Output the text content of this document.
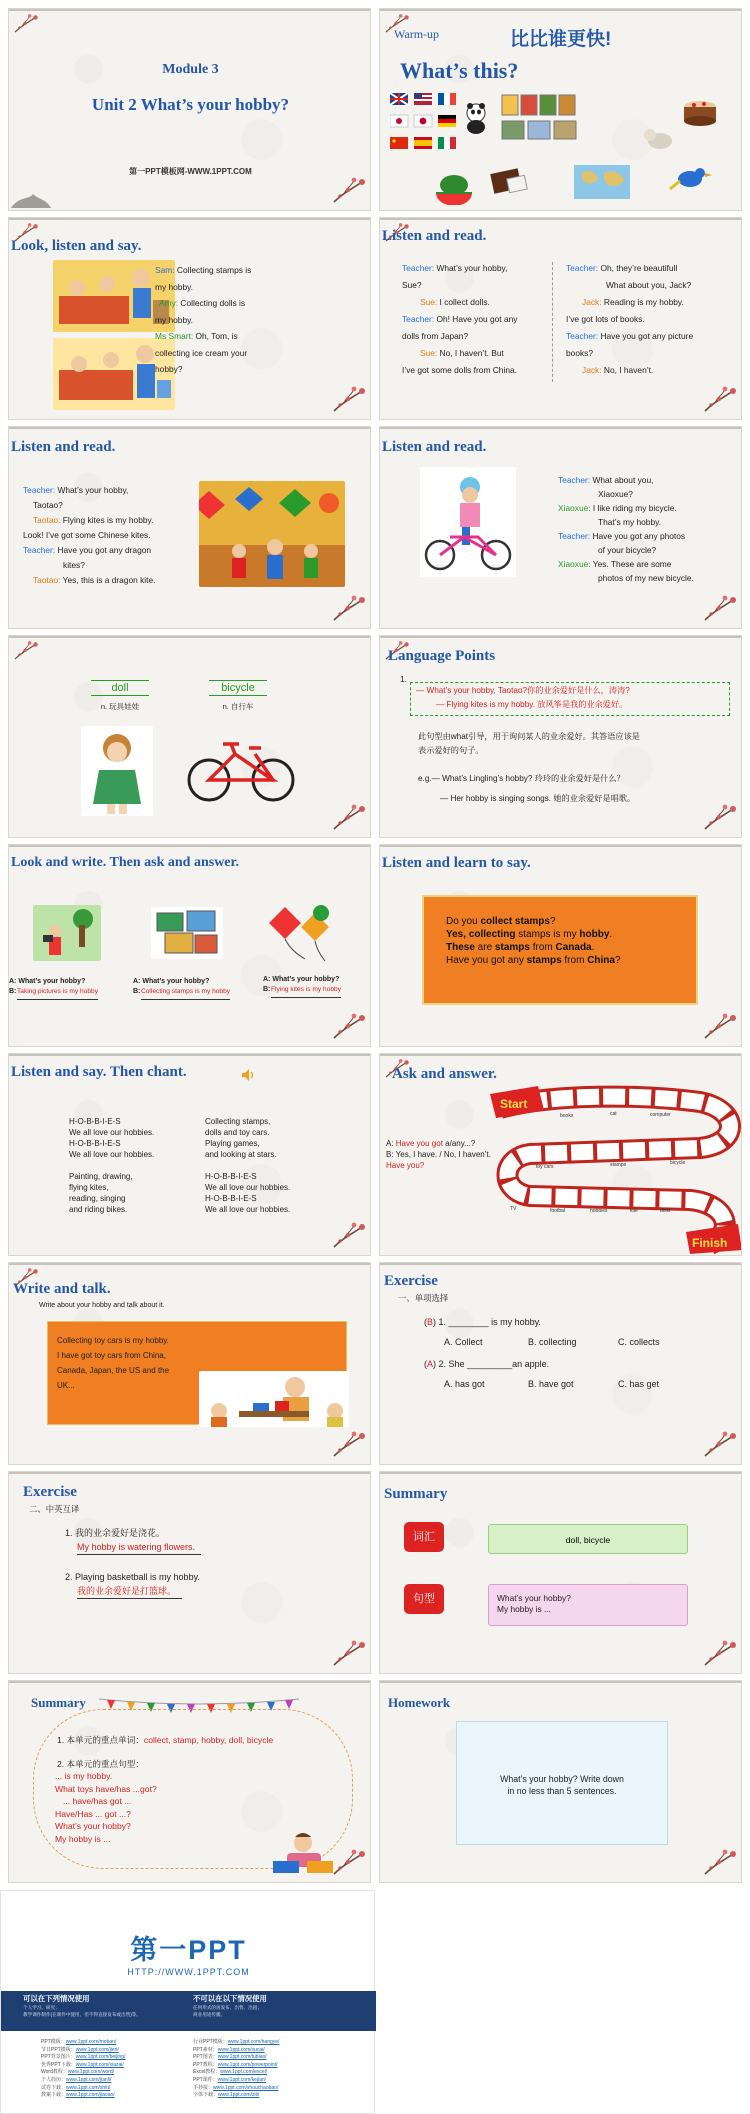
Module 3
Unit 2 What’s your hobby?
第一PPT模板网-WWW.1PPT.COM
Warm-up	比比谁更快!
What’s this?
Look, listen and say.
Sam: Collecting stamps is
my hobby.
Amy: Collecting dolls is
my hobby.
Ms Smart: Oh, Tom, is
collecting ice cream your
hobby?
Listen and read.
Teacher: What’s your hobby,
Sue?
Sue: I collect dolls.
Teacher: Oh! Have you got any
dolls from Japan?
Sue: No, I haven’t. But
I’ve got some dolls from China.
Teacher: Oh, they’re beautifull
What about you, Jack?
Jack: Reading is my hobby.
I’ve got lots of books.
Teacher: Have you got any picture
books?
Jack: No, I haven’t.
Listen and read.
Teacher: What’s your hobby,
Taotao?
Taotao: Flying kites is my hobby.
Look! I’ve got some Chinese kites.
Teacher: Have you got any dragon
kites?
Taotao: Yes, this is a dragon kite.
Listen and read.
Teacher: What about you,
Xiaoxue?
Xiaoxue: I like riding my bicycle.
That’s my hobby.
Teacher: Have you got any photos
of your bicycle?
Xiaoxue: Yes. These are some
photos of my new bicycle.
doll
n. 玩具娃娃
bicycle
n. 自行车
Language Points
1.
— What’s your hobby, Taotao?你的业余爱好是什么，涛涛?
— Flying kites is my hobby. 放风筝是我的业余爱好。
此句型由what引导，用于询问某人的业余爱好。其答语应该是
表示爱好的句子。
e.g.— What’s Lingling’s hobby? 玲玲的业余爱好是什么？
— Her hobby is singing songs. 她的业余爱好是唱歌。
Look and write. Then ask and answer.
A: What’s your hobby?
B: Taking pictures is my hobby
A: What’s your hobby?
B: Collecting stamps is my hobby
A: What’s your hobby?
B: Flying kites is my hobby
Listen and learn to say.
Do you collect stamps?
Yes, collecting stamps is my hobby.
These are stamps from Canada.
Have you got any stamps from China?
Listen and say. Then chant.
H-O-B-B-I-E-S
We all love our hobbies.
H-O-B-B-I-E-S
We all love our hobbies.
Painting, drawing,
flying kites,
reading, singing
and riding bikes.
Collecting stamps,
dolls and toy cars.
Playing games,
and looking at stars.
H-O-B-B-I-E-S
We all love our hobbies.
H-O-B-B-I-E-S
We all love our hobbies.
Ask and answer.
A: Have you got a/any...?
B: Yes, I have. / No, I haven’t.
Have you?
Start
Finish
books	cat	computer
toy cars	stamps	bicycle
TV	footbal	hobbies	kite	dolls
Write and talk.
Write about your hobby and talk about it.
Collecting toy cars is my hobby.
I have got toy cars from China,
Canada, Japan, the US and the
UK...
Exercise
一、单项选择
(B) 1. ________ is my hobby.
A. Collect	B. collecting	C. collects
(A) 2. She _________an apple.
A. has got	B. have got	C. has get
Exercise
二、中英互译
1. 我的业余爱好是浇花。
My hobby is watering flowers.
2. Playing basketball is my hobby.
我的业余爱好是打篮球。
Summary
词汇	doll, bicycle
句型	What’s your hobby?
My hobby is ...
Summary
1. 本单元的重点单词：collect, stamp, hobby, doll, bicycle
2. 本单元的重点句型：
... is my hobby.
What toys have/has ...got?
... have/has got ...
Have/Has ... got ...?
What’s your hobby?
My hobby is ...
Homework
What’s your hobby? Write down
in no less than 5 sentences.
第一PPT
HTTP://WWW.1PPT.COM
可以在下列情况使用
个人学习、研究；
教学课件制作(在课件中使用，但不得直接发布或出售)等。
不可以在以下情况使用
任何形式的再发布、出售、出租；
商业用途传播。
PPT模板：www.1ppt.com/moban/
节日PPT模板：www.1ppt.com/jieri/
PPT背景图片：www.1ppt.com/beijing/
优秀PPT下载：www.1ppt.com/xiazai/
Word教程：www.1ppt.com/word/
个人简历：www.1ppt.com/jianli/
试卷下载：www.1ppt.com/shiti/
教案下载：www.1ppt.com/jiaoan/
行业PPT模板：www.1ppt.com/hangye/
PPT素材：www.1ppt.com/sucai/
PPT图表：www.1ppt.com/tubiao/
PPT教程：www.1ppt.com/powerpoint/
Excel教程：www.1ppt.com/excel/
PPT课件：www.1ppt.com/kejian/
手抄报：www.1ppt.com/shouchaobao/
字体下载：www.1ppt.com/ziti/
